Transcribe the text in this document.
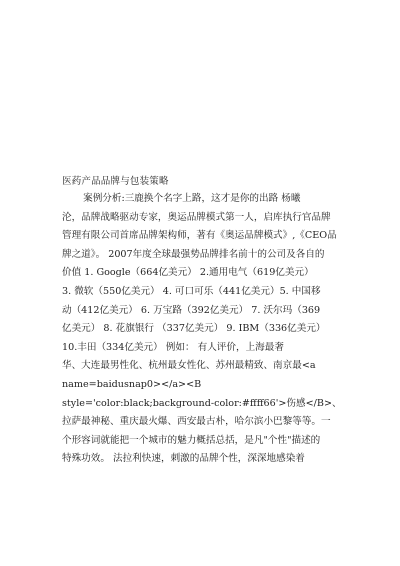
医药产品品牌与包装策略

案例分析:三鹿换个名字上路，这才是你的出路 杨曦

沦，品牌战略驱动专家，奥运品牌模式第一人，启库执行官品牌

管理有限公司首席品牌架构师，著有《奥运品牌模式》,《CEO品

牌之道》。 2007年度全球最强势品牌排名前十的公司及各自的

价值 1. Google（664亿美元） 2.通用电气（619亿美元）

3. 微软（550亿美元） 4. 可口可乐（441亿美元）5. 中国移

动（412亿美元） 6. 万宝路（392亿美元） 7. 沃尔玛（369

亿美元） 8. 花旗银行 （337亿美元） 9. IBM（336亿美元）

10.丰田（334亿美元） 例如： 有人评价，上海最奢

华、大连最男性化、杭州最女性化、苏州最精致、南京最<a

name=baidusnap0></a><B

style='color:black;background-color:#ffff66'>伤感</B>、

拉萨最神秘、重庆最火爆、西安最古朴，哈尔滨小巴黎等等。一

个形容词就能把一个城市的魅力概括总括，是凡"个性"描述的

特殊功效。 法拉利快速，刺激的品牌个性，深深地感染着
